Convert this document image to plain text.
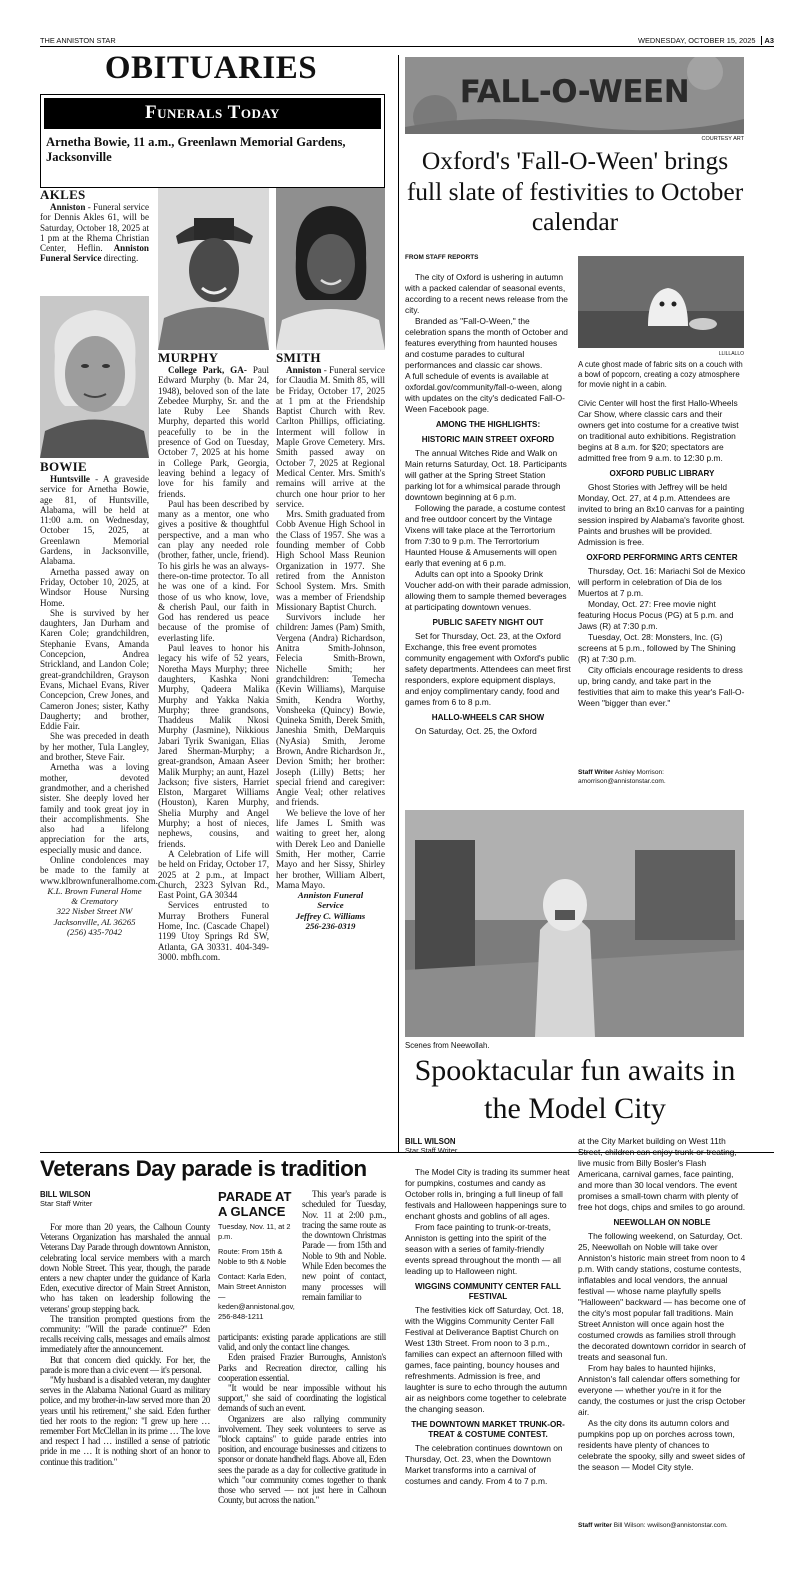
THE ANNISTON STAR	WEDNESDAY, OCTOBER 15, 2025 A3
OBITUARIES
Funerals Today
Arnetha Bowie, 11 a.m., Greenlawn Memorial Gardens, Jacksonville
AKLES

Anniston - Funeral service for Dennis Akles 61, will be Saturday, October 18, 2025 at 1 pm at the Rhema Christian Center, Heflin. Anniston Funeral Service directing.

BOWIE

Huntsville - A graveside service for Arnetha Bowie, age 81, of Huntsville, Alabama, will be held at 11:00 a.m. on Wednesday, October 15, 2025, at Greenlawn Memorial Gardens, in Jacksonville, Alabama.

Arnetha passed away on Friday, October 10, 2025, at Windsor House Nursing Home.

She is survived by her daughters, Jan Durham and Karen Cole; grandchildren, Stephanie Evans, Amanda Concepcion, Andrea Strickland, and Landon Cole; great-grandchildren, Grayson Evans, Michael Evans, River Concepcion, Crew Jones, and Cameron Jones; sister, Kathy Daugherty; and brother, Eddie Fair.

She was preceded in death by her mother, Tula Langley, and brother, Steve Fair.

Arnetha was a loving mother, devoted grandmother, and a cherished sister. She deeply loved her family and took great joy in their accomplishments. She also had a lifelong appreciation for the arts, especially music and dance.

Online condolences may be made to the family at www.klbrownfuneralhome.com.

K.L. Brown Funeral Home
& Crematory
322 Nisbet Street NW
Jacksonville, AL 36265
(256) 435-7042
MURPHY

College Park, GA- Paul Edward Murphy (b. Mar 24, 1948), beloved son of the late Zebedee Murphy, Sr. and the late Ruby Lee Shands Murphy, departed this world peacefully to be in the presence of God on Tuesday, October 7, 2025 at his home in College Park, Georgia, leaving behind a legacy of love for his family and friends.

Paul has been described by many as a mentor, one who gives a positive & thoughtful perspective, and a man who can play any needed role (brother, father, uncle, friend). To his girls he was an always-there-on-time protector. To all he was one of a kind. For those of us who know, love, & cherish Paul, our faith in God has rendered us peace because of the promise of everlasting life.

Paul leaves to honor his legacy his wife of 52 years, Noretha Mays Murphy; three daughters, Kashka Noni Murphy, Qadeera Malika Murphy and Yakka Nakia Murphy; three grandsons, Thaddeus Malik Nkosi Murphy (Jasmine), Nikkious Jabari Tyrik Swanigan, Elias Jared Sherman-Murphy; a great-grandson, Amaan Aseer Malik Murphy; an aunt, Hazel Jackson; five sisters, Harriet Elston, Margaret Williams (Houston), Karen Murphy, Shelia Murphy and Angel Murphy; a host of nieces, nephews, cousins, and friends.

A Celebration of Life will be held on Friday, October 17, 2025 at 2 p.m., at Impact Church, 2323 Sylvan Rd., East Point, GA 30344

Services entrusted to Murray Brothers Funeral Home, Inc. (Cascade Chapel) 1199 Utoy Springs Rd SW, Atlanta, GA 30331. 404-349-3000. mbfh.com.

SMITH

Anniston - Funeral service for Claudia M. Smith 85, will be Friday, October 17, 2025 at 1 pm at the Friendship Baptist Church with Rev. Carlton Phillips, officiating. Interment will follow in Maple Grove Cemetery. Mrs. Smith passed away on October 7, 2025 at Regional Medical Center. Mrs. Smith's remains will arrive at the church one hour prior to her service.

Mrs. Smith graduated from Cobb Avenue High School in the Class of 1957. She was a founding member of Cobb High School Mass Reunion Organization in 1977. She retired from the Anniston School System. Mrs. Smith was a member of Friendship Missionary Baptist Church.

Survivors include her children: James (Pam) Smith, Vergena (Andra) Richardson, Anitra Smith-Johnson, Felecia Smith-Brown, Nichelle Smith; her grandchildren: Temecha (Kevin Williams), Marquise Smith, Kendra Worthy, Vonsheeka (Quincy) Bowie, Quineka Smith, Derek Smith, Janeshia Smith, DeMarquis (NyAsia) Smith, Jerome Brown, Andre Richardson Jr., Devion Smith; her brother: Joseph (Lilly) Betts; her special friend and caregiver: Angie Veal; other relatives and friends.

We believe the love of her life James L Smith was waiting to greet her, along with Derek Leo and Danielle Smith, Her mother, Carrie Mayo and her Sissy, Shirley her brother, William Albert, Mama Mayo.

Anniston Funeral
Service
Jeffrey C. Williams
256-236-0319
Veterans Day parade is tradition
BILL WILSON
Star Staff Writer

For more than 20 years, the Calhoun County Veterans Organization has marshaled the annual Veterans Day Parade through downtown Anniston, celebrating local service members with a march down Noble Street. This year, though, the parade enters a new chapter under the guidance of Karla Eden, executive director of Main Street Anniston, who has taken on leadership following the veterans' group stepping back.

The transition prompted questions from the community: "Will the parade continue?" Eden recalls receiving calls, messages and emails almost immediately after the announcement.

But that concern died quickly. For her, the parade is more than a civic event — it's personal.

"My husband is a disabled veteran, my daughter serves in the Alabama National Guard as military police, and my brother-in-law served more than 20 years until his retirement," she said. Eden further tied her roots to the region: "I grew up here … remember Fort McClellan in its prime … The love and respect I had … instilled a sense of patriotic pride in me … It is nothing short of an honor to continue this tradition."

PARADE AT A GLANCE
Tuesday, Nov. 11, at 2 p.m.
Route: From 15th & Noble to 9th & Noble
Contact: Karla Eden, Main Street Anniston — keden@annistonal.gov, 256-848-1211
This year's parade is scheduled for Tuesday, Nov. 11 at 2:00 p.m., tracing the same route as the downtown Christmas Parade — from 15th and Noble to 9th and Noble. While Eden becomes the new point of contact, many processes will remain familiar to

participants: existing parade applications are still valid, and only the contact line changes.

Eden praised Frazier Burroughs, Anniston's Parks and Recreation director, calling his cooperation essential.

"It would be near impossible without his support," she said of coordinating the logistical demands of such an event.

Organizers are also rallying community involvement. They seek volunteers to serve as "block captains" to guide parade entries into position, and encourage businesses and citizens to sponsor or donate handheld flags. Above all, Eden sees the parade as a day for collective gratitude in which "our community comes together to thank those who served — not just here in Calhoun County, but across the nation."

FALL-O-WEEN
COURTESY ART
Oxford's 'Fall-O-Ween' brings full slate of festivities to October calendar
FROM STAFF REPORTS

The city of Oxford is ushering in autumn with a packed calendar of seasonal events, according to a recent news release from the city.

Branded as "Fall-O-Ween," the celebration spans the month of October and features everything from haunted houses and costume parades to cultural performances and classic car shows.

A full schedule of events is available at oxfordal.gov/community/fall-o-ween, along with updates on the city's dedicated Fall-O-Ween Facebook page.

AMONG THE HIGHLIGHTS:
HISTORIC MAIN STREET OXFORD

The annual Witches Ride and Walk on Main returns Saturday, Oct. 18. Participants will gather at the Spring Street Station parking lot for a whimsical parade through downtown beginning at 6 p.m.

Following the parade, a costume contest and free outdoor concert by the Vintage Vixens will take place at the Terrortorium from 7:30 to 9 p.m. The Terrortorium Haunted House & Amusements will open early that evening at 6 p.m.

Adults can opt into a Spooky Drink Voucher add-on with their parade admission, allowing them to sample themed beverages at participating downtown venues.

PUBLIC SAFETY NIGHT OUT

Set for Thursday, Oct. 23, at the Oxford Exchange, this free event promotes community engagement with Oxford's public safety departments. Attendees can meet first responders, explore equipment displays, and enjoy complimentary candy, food and games from 6 to 8 p.m.

HALLO-WHEELS CAR SHOW

On Saturday, Oct. 25, the Oxford

LLILLALLO
A cute ghost made of fabric sits on a couch with a bowl of popcorn, creating a cozy atmosphere for movie night in a cabin.

Civic Center will host the first Hallo-Wheels Car Show, where classic cars and their owners get into costume for a creative twist on traditional auto exhibitions. Registration begins at 8 a.m. for $20; spectators are admitted free from 9 a.m. to 12:30 p.m.

OXFORD PUBLIC LIBRARY

Ghost Stories with Jeffrey will be held Monday, Oct. 27, at 4 p.m. Attendees are invited to bring an 8x10 canvas for a painting session inspired by Alabama's favorite ghost. Paints and brushes will be provided. Admission is free.

OXFORD PERFORMING ARTS CENTER

Thursday, Oct. 16: Mariachi Sol de Mexico will perform in celebration of Dia de los Muertos at 7 p.m.

Monday, Oct. 27: Free movie night featuring Hocus Pocus (PG) at 5 p.m. and Jaws (R) at 7:30 p.m.

Tuesday, Oct. 28: Monsters, Inc. (G) screens at 5 p.m., followed by The Shining (R) at 7:30 p.m.

City officials encourage residents to dress up, bring candy, and take part in the festivities that aim to make this year's Fall-O-Ween "bigger than ever."

Staff Writer Ashley Morrison:
amorrison@annistonstar.com.
Scenes from Neewollah.
Spooktacular fun awaits in the Model City
BILL WILSON
Star Staff Writer

The Model City is trading its summer heat for pumpkins, costumes and candy as October rolls in, bringing a full lineup of fall festivals and Halloween happenings sure to enchant ghosts and goblins of all ages.

From face painting to trunk-or-treats, Anniston is getting into the spirit of the season with a series of family-friendly events spread throughout the month — all leading up to Halloween night.

WIGGINS COMMUNITY CENTER FALL FESTIVAL

The festivities kick off Saturday, Oct. 18, with the Wiggins Community Center Fall Festival at Deliverance Baptist Church on West 13th Street. From noon to 3 p.m., families can expect an afternoon filled with games, face painting, bouncy houses and refreshments. Admission is free, and laughter is sure to echo through the autumn air as neighbors come together to celebrate the changing season.

THE DOWNTOWN MARKET TRUNK-OR-TREAT & COSTUME CONTEST.

The celebration continues downtown on Thursday, Oct. 23, when the Downtown Market transforms into a carnival of costumes and candy. From 4 to 7 p.m.

at the City Market building on West 11th Street, children can enjoy trunk-or-treating, live music from Billy Bosler's Flash Americana, carnival games, face painting, and more than 30 local vendors. The event promises a small-town charm with plenty of free hot dogs, chips and smiles to go around.

NEEWOLLAH ON NOBLE

The following weekend, on Saturday, Oct. 25, Neewollah on Noble will take over Anniston's historic main street from noon to 4 p.m. With candy stations, costume contests, inflatables and local vendors, the annual festival — whose name playfully spells "Halloween" backward — has become one of the city's most popular fall traditions. Main Street Anniston will once again host the costumed crowds as families stroll through the decorated downtown corridor in search of treats and seasonal fun.

From hay bales to haunted hijinks, Anniston's fall calendar offers something for everyone — whether you're in it for the candy, the costumes or just the crisp October air.

As the city dons its autumn colors and pumpkins pop up on porches across town, residents have plenty of chances to celebrate the spooky, silly and sweet sides of the season — Model City style.

Staff writer Bill Wilson: wwilson@annistonstar.com.
